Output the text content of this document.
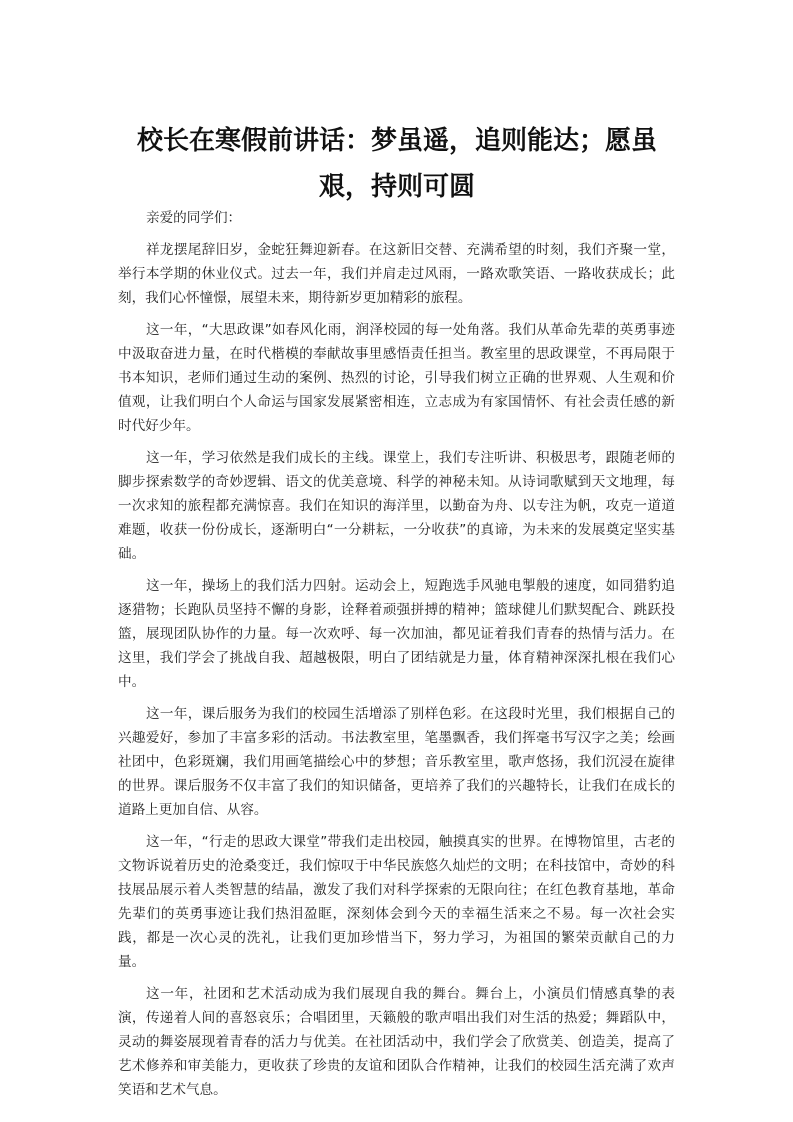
校长在寒假前讲话：梦虽遥，追则能达；愿虽艰，持则可圆

亲爱的同学们：

祥龙摆尾辞旧岁，金蛇狂舞迎新春。在这新旧交替、充满希望的时刻，我们齐聚一堂，举行本学期的休业仪式。过去一年，我们并肩走过风雨，一路欢歌笑语、一路收获成长；此刻，我们心怀憧憬，展望未来，期待新岁更加精彩的旅程。

这一年，“大思政课”如春风化雨，润泽校园的每一处角落。我们从革命先辈的英勇事迹中汲取奋进力量，在时代楷模的奉献故事里感悟责任担当。教室里的思政课堂，不再局限于书本知识，老师们通过生动的案例、热烈的讨论，引导我们树立正确的世界观、人生观和价值观，让我们明白个人命运与国家发展紧密相连，立志成为有家国情怀、有社会责任感的新时代好少年。

这一年，学习依然是我们成长的主线。课堂上，我们专注听讲、积极思考，跟随老师的脚步探索数学的奇妙逻辑、语文的优美意境、科学的神秘未知。从诗词歌赋到天文地理，每一次求知的旅程都充满惊喜。我们在知识的海洋里，以勤奋为舟、以专注为帆，攻克一道道难题，收获一份份成长，逐渐明白“一分耕耘，一分收获”的真谛，为未来的发展奠定坚实基础。

这一年，操场上的我们活力四射。运动会上，短跑选手风驰电掣般的速度，如同猎豹追逐猎物；长跑队员坚持不懈的身影，诠释着顽强拼搏的精神；篮球健儿们默契配合、跳跃投篮，展现团队协作的力量。每一次欢呼、每一次加油，都见证着我们青春的热情与活力。在这里，我们学会了挑战自我、超越极限，明白了团结就是力量，体育精神深深扎根在我们心中。

这一年，课后服务为我们的校园生活增添了别样色彩。在这段时光里，我们根据自己的兴趣爱好，参加了丰富多彩的活动。书法教室里，笔墨飘香，我们挥毫书写汉字之美；绘画社团中，色彩斑斓，我们用画笔描绘心中的梦想；音乐教室里，歌声悠扬，我们沉浸在旋律的世界。课后服务不仅丰富了我们的知识储备，更培养了我们的兴趣特长，让我们在成长的道路上更加自信、从容。

这一年，“行走的思政大课堂”带我们走出校园，触摸真实的世界。在博物馆里，古老的文物诉说着历史的沧桑变迁，我们惊叹于中华民族悠久灿烂的文明；在科技馆中，奇妙的科技展品展示着人类智慧的结晶，激发了我们对科学探索的无限向往；在红色教育基地，革命先辈们的英勇事迹让我们热泪盈眶，深刻体会到今天的幸福生活来之不易。每一次社会实践，都是一次心灵的洗礼，让我们更加珍惜当下，努力学习，为祖国的繁荣贡献自己的力量。

这一年，社团和艺术活动成为我们展现自我的舞台。舞台上，小演员们情感真挚的表演，传递着人间的喜怒哀乐；合唱团里，天籁般的歌声唱出我们对生活的热爱；舞蹈队中，灵动的舞姿展现着青春的活力与优美。在社团活动中，我们学会了欣赏美、创造美，提高了艺术修养和审美能力，更收获了珍贵的友谊和团队合作精神，让我们的校园生活充满了欢声笑语和艺术气息。
